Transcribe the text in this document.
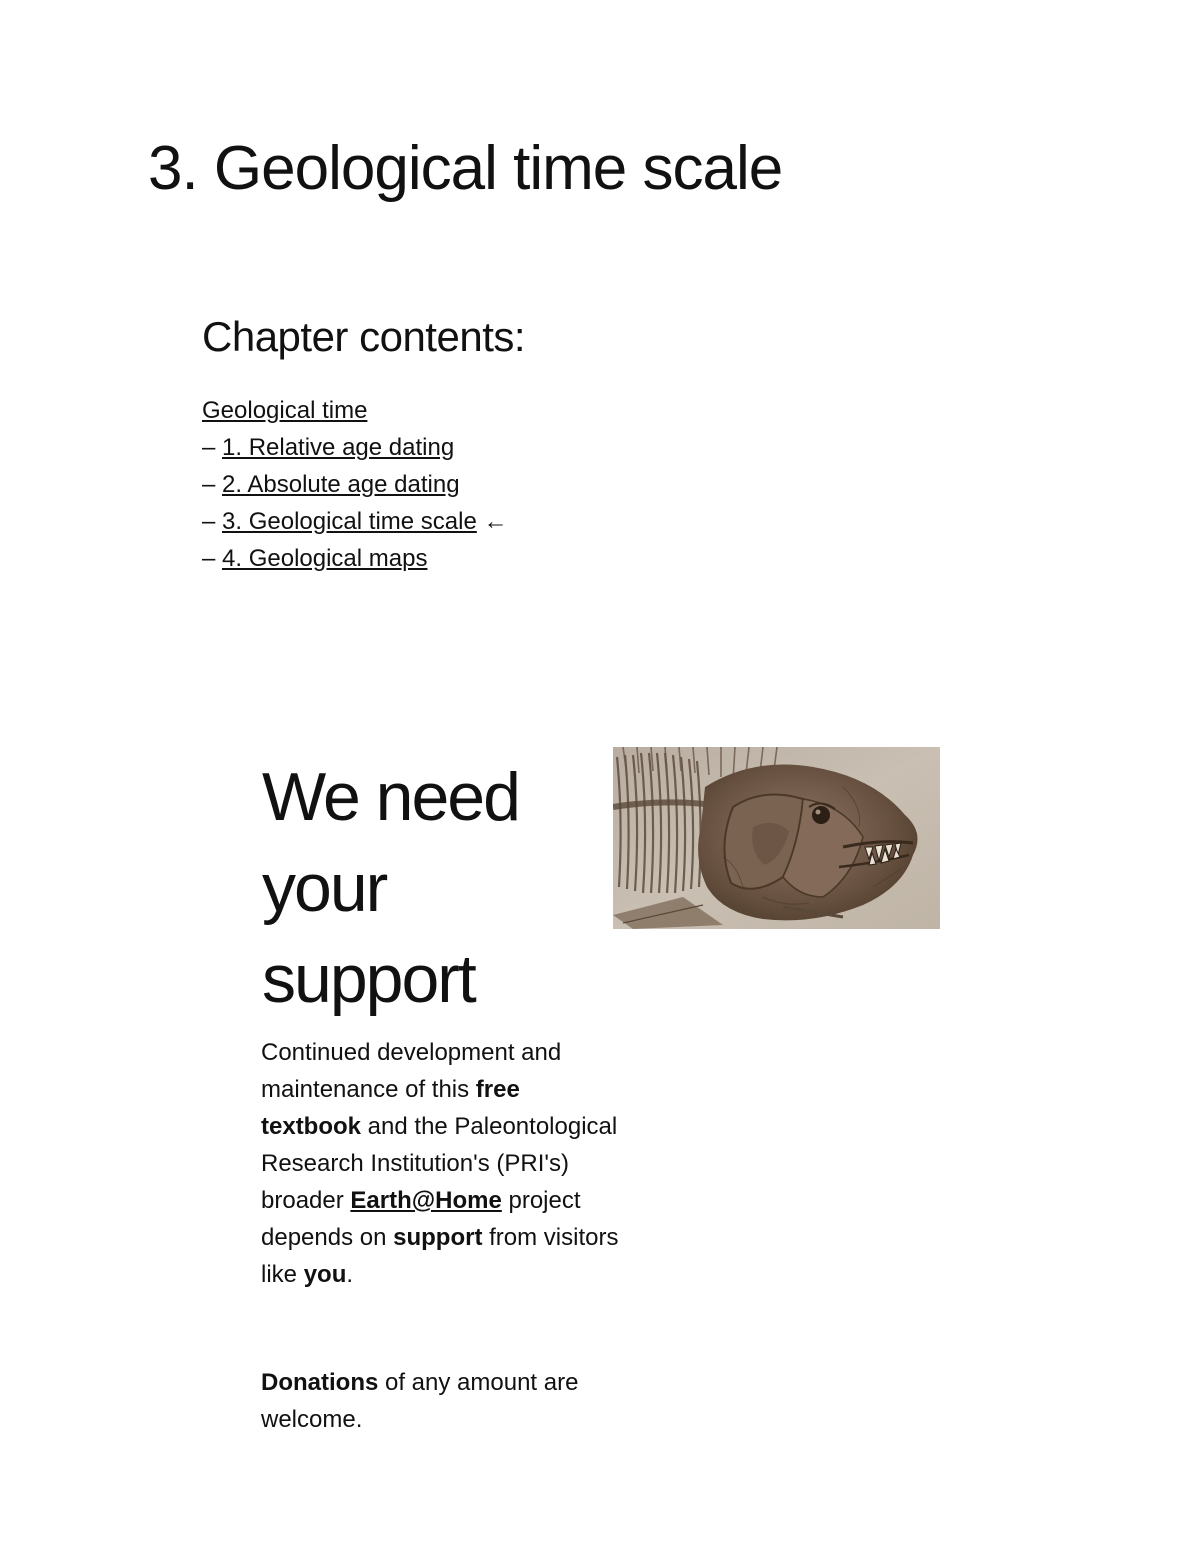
3. Geological time scale
Chapter contents:
Geological time
– 1. Relative age dating
– 2. Absolute age dating
– 3. Geological time scale ←
– 4. Geological maps
We need your support

Continued development and maintenance of this free textbook and the Paleontological Research Institution's (PRI's) broader Earth@Home project depends on support from visitors like you.

Donations of any amount are welcome.
